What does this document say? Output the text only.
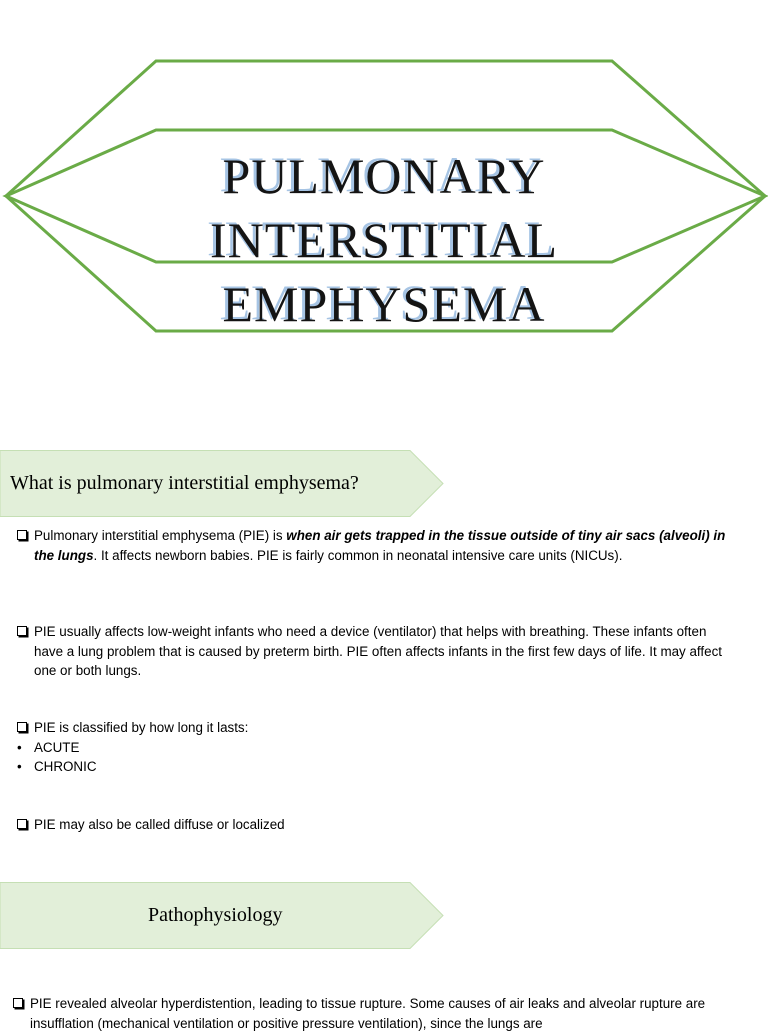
PULMONARY
INTERSTITIAL
EMPHYSEMA
What is pulmonary interstitial emphysema?
Pulmonary interstitial emphysema (PIE) is when air gets trapped in the tissue outside of tiny air sacs (alveoli) in the lungs. It affects newborn babies. PIE is fairly common in neonatal intensive care units (NICUs).
PIE usually affects low-weight infants who need a device (ventilator) that helps with breathing. These infants often have a lung problem that is caused by preterm birth. PIE often affects infants in the first few days of life. It may affect one or both lungs.
PIE is classified by how long it lasts:
• ACUTE
• CHRONIC
PIE may also be called diffuse or localized
Pathophysiology
PIE revealed alveolar hyperdistention, leading to tissue rupture. Some causes of air leaks and alveolar rupture are insufflation (mechanical ventilation or positive pressure ventilation), since the lungs are
